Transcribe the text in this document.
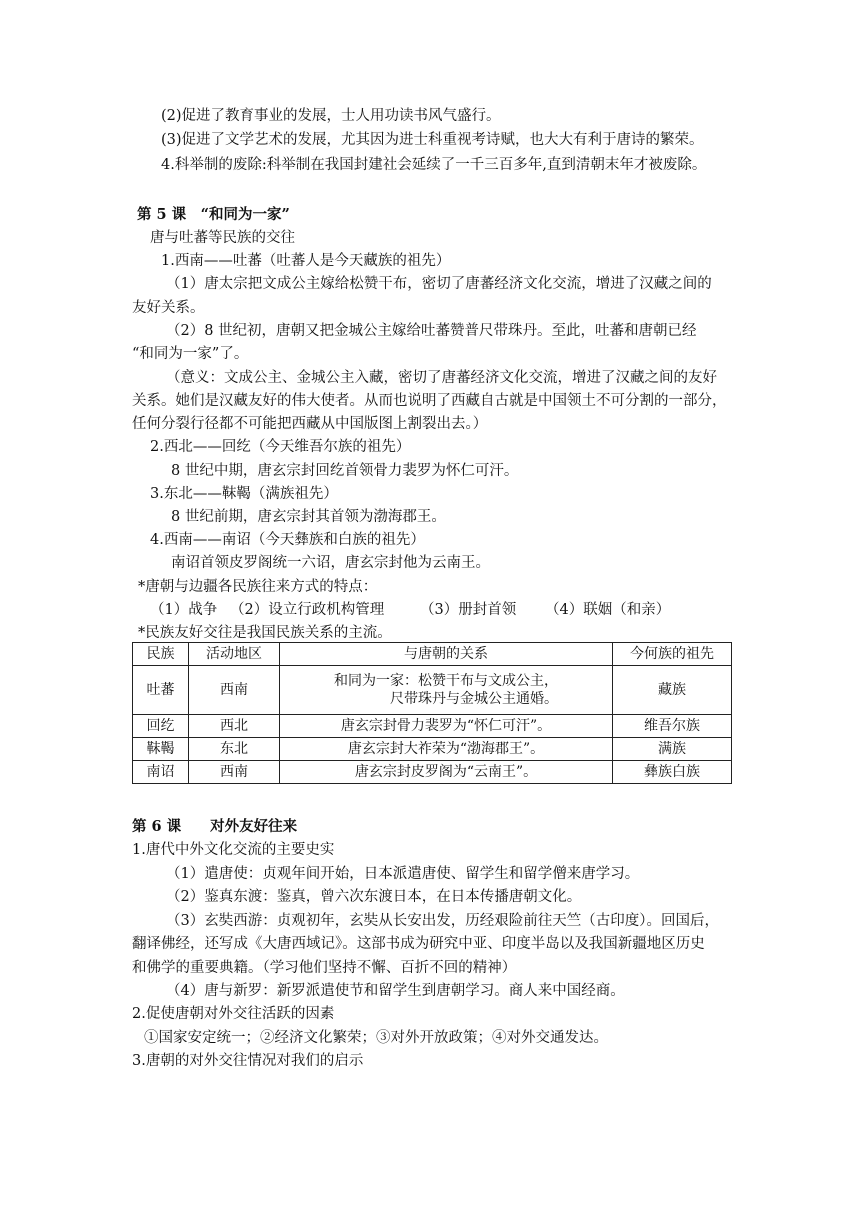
(2)促进了教育事业的发展，士人用功读书风气盛行。
(3)促进了文学艺术的发展，尤其因为进士科重视考诗赋，也大大有利于唐诗的繁荣。
4.科举制的废除:科举制在我国封建社会延续了一千三百多年,直到清朝末年才被废除。
第 5 课　“和同为一家”
唐与吐蕃等民族的交往
1.西南——吐蕃（吐蕃人是今天藏族的祖先）
（1）唐太宗把文成公主嫁给松赞干布，密切了唐蕃经济文化交流，增进了汉藏之间的
友好关系。
（2）8 世纪初，唐朝又把金城公主嫁给吐蕃赞普尺带珠丹。至此，吐蕃和唐朝已经
“和同为一家”了。
（意义：文成公主、金城公主入藏，密切了唐蕃经济文化交流，增进了汉藏之间的友好
关系。她们是汉藏友好的伟大使者。从而也说明了西藏自古就是中国领土不可分割的一部分，
任何分裂行径都不可能把西藏从中国版图上割裂出去。）
2.西北——回纥（今天维吾尔族的祖先）
8 世纪中期，唐玄宗封回纥首领骨力裴罗为怀仁可汗。
3.东北——靺鞨（满族祖先）
8 世纪前期，唐玄宗封其首领为渤海郡王。
4.西南——南诏（今天彝族和白族的祖先）
南诏首领皮罗阁统一六诏，唐玄宗封他为云南王。
*唐朝与边疆各民族往来方式的特点：
（1）战争 （2）设立行政机构管理 （3）册封首领 （4）联姻（和亲）
*民族友好交往是我国民族关系的主流。
民族	活动地区	与唐朝的关系	今何族的祖先
吐蕃	西南	和同为一家：松赞干布与文成公主，
尺带珠丹与金城公主通婚。	藏族
回纥	西北	唐玄宗封骨力裴罗为“怀仁可汗”。	维吾尔族
靺鞨	东北	唐玄宗封大祚荣为“渤海郡王”。	满族
南诏	西南	唐玄宗封皮罗阁为“云南王”。	彝族白族
第 6 课　　对外友好往来
1.唐代中外文化交流的主要史实
（1）遣唐使：贞观年间开始，日本派遣唐使、留学生和留学僧来唐学习。
（2）鉴真东渡：鉴真，曾六次东渡日本，在日本传播唐朝文化。
（3）玄奘西游：贞观初年，玄奘从长安出发，历经艰险前往天竺（古印度）。回国后，
翻译佛经，还写成《大唐西域记》。这部书成为研究中亚、印度半岛以及我国新疆地区历史
和佛学的重要典籍。（学习他们坚持不懈、百折不回的精神）
（4）唐与新罗：新罗派遣使节和留学生到唐朝学习。商人来中国经商。
2.促使唐朝对外交往活跃的因素
①国家安定统一；②经济文化繁荣；③对外开放政策；④对外交通发达。
3.唐朝的对外交往情况对我们的启示
